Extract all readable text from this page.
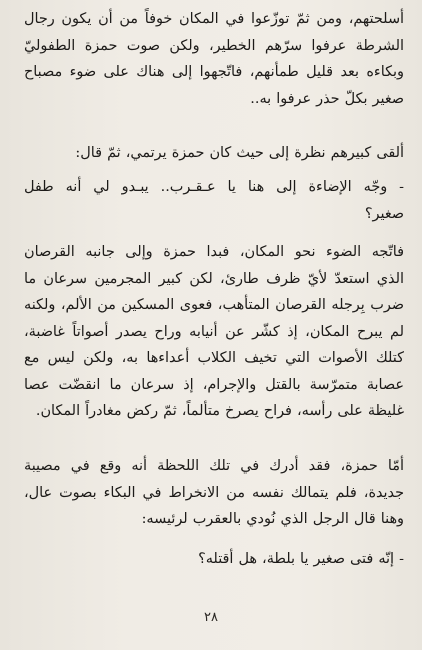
أسلحتهم، ومن ثمّ توزّعوا في المكان خوفاً من أن يكون رجال
الشرطة عرفوا سرّهم الخطير، ولكن صوت حمزة الطفوليّ
وبكاءه بعد قليل طمأنهم، فاتّجهوا إلى هناك على ضوء مصباح
صغير بكلّ حذر عرفوا به..
ألقى كبيرهم نظرة إلى حيث كان حمزة يرتمي، ثمّ قال:
- وجّه الإضاءة إلى هنا يا عـقـرب.. يبـدو لي أنه طفل
صغير؟
فاتّجه الضوء نحو المكان، فبدا حمزة وإلى جانبه القرصان
الذي استعدّ لأيّ ظرف طارئ، لكن كبير المجرمين سرعان ما
ضرب بِرجله القرصان المتأهب، فعوى المسكين من الألم، ولكنه
لم يبرح المكان، إذ كشّر عن أنيابه وراح يصدر أصواتاً غاضبة،
كتلك الأصوات التي تخيف الكلاب أعداءها به، ولكن ليس مع
عصابة متمرّسة بالقتل والإجرام، إذ سرعان ما انقضّت عصا
غليظة على رأسه، فراح يصرخ متألماً، ثمّ ركض مغادراً المكان.
أمّا حمزة، فقد أدرك في تلك اللحظة أنه وقع في مصيبة
جديدة، فلم يتمالك نفسه من الانخراط في البكاء بصوت عال،
وهنا قال الرجل الذي نُودي بالعقرب لرئيسه:
- إنّه فتى صغير يا بلطة، هل أقتله؟
٢٨
